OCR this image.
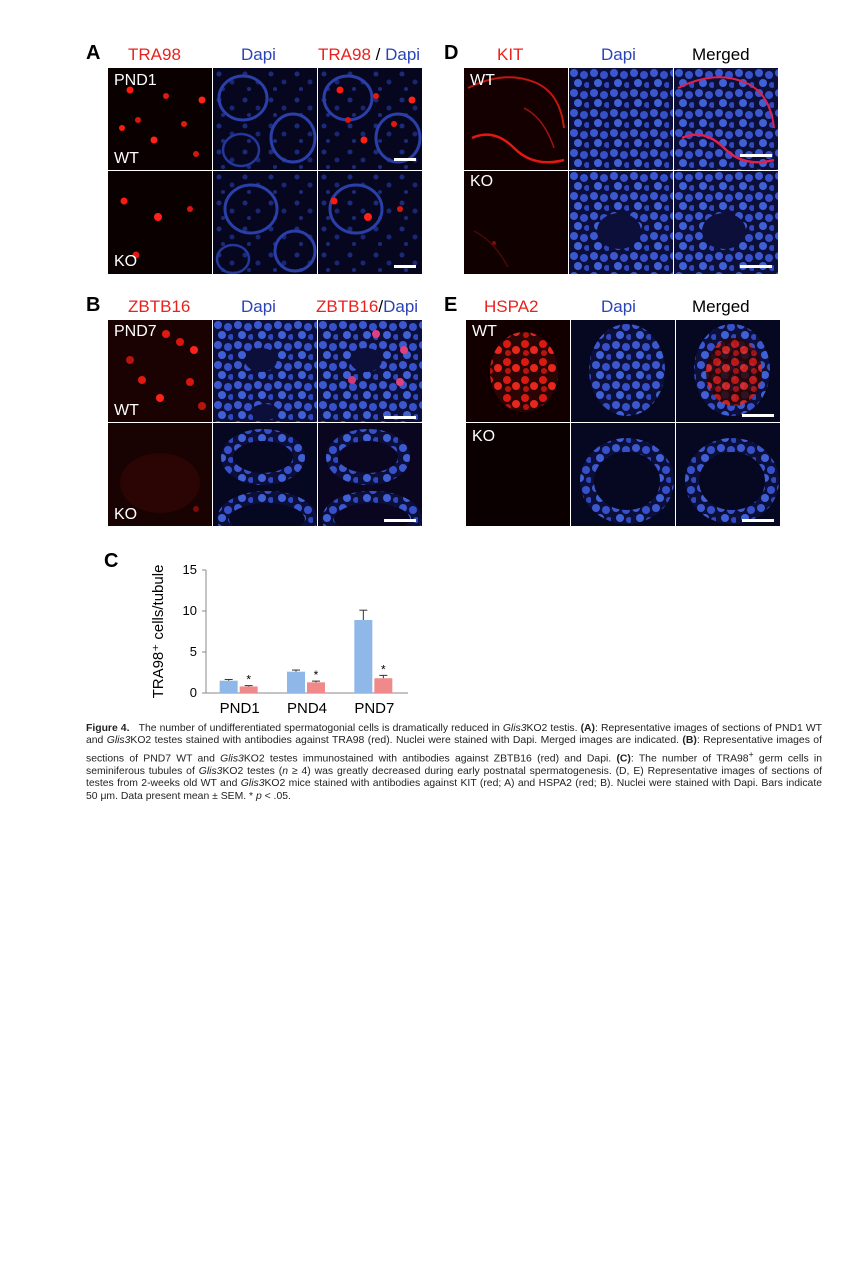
A TRA98	Dapi TRA98 / Dapi
PND1
WT
KO
B ZBTB16	Dapi ZBTB16/Dapi
PND7
WT
KO
D KIT	Dapi	Merged
WT
KO
E HSPA2	Dapi	Merged
WT
KO
C
0
5
10
15
TRA98⁺ cells/tubule	*
PND1
*
PND4
*
PND7
Figure 4. The number of undifferentiated spermatogonial cells is dramatically reduced in Glis3KO2 testis. (A): Representative images of sections of PND1 WT and Glis3KO2 testes stained with antibodies against TRA98 (red). Nuclei were stained with Dapi. Merged images are indicated. (B): Representative images of sections of PND7 WT and Glis3KO2 testes immunostained with antibodies against ZBTB16 (red) and Dapi. (C): The number of TRA98+ germ cells in seminiferous tubules of Glis3KO2 testes (n ≥ 4) was greatly decreased during early postnatal spermatogenesis. (D, E) Representative images of sections of testes from 2-weeks old WT and Glis3KO2 mice stained with antibodies against KIT (red; A) and HSPA2 (red; B). Nuclei were stained with Dapi. Bars indicate 50 μm. Data present mean ± SEM. * p < .05.
